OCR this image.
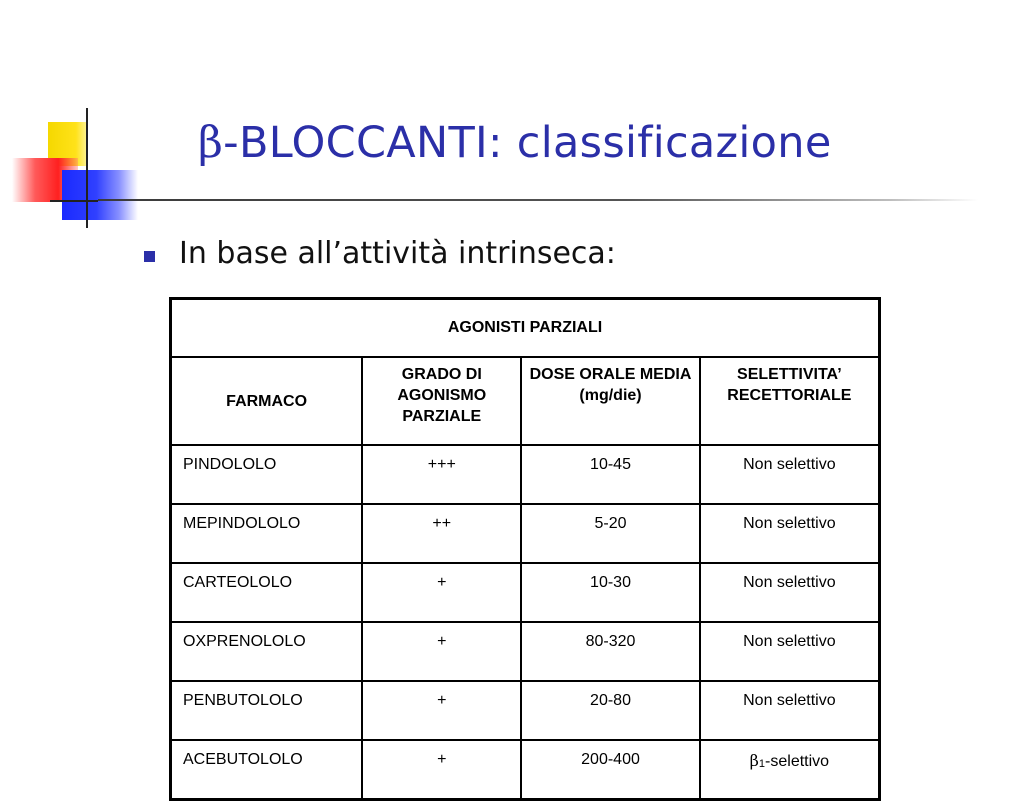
β-BLOCCANTI: classificazione
In base all’attività intrinseca:
AGONISTI PARZIALI			
FARMACO	GRADO DI AGONISMO PARZIALE	DOSE ORALE MEDIA (mg/die)	SELETTIVITA’ RECETTORIALE
PINDOLOLO	+++	10-45	Non selettivo
MEPINDOLOLO	++	5-20	Non selettivo
CARTEOLOLO	+	10-30	Non selettivo
OXPRENOLOLO	+	80-320	Non selettivo
PENBUTOLOLO	+	20-80	Non selettivo
ACEBUTOLOLO	+	200-400	$\beta_1$-selettivo
